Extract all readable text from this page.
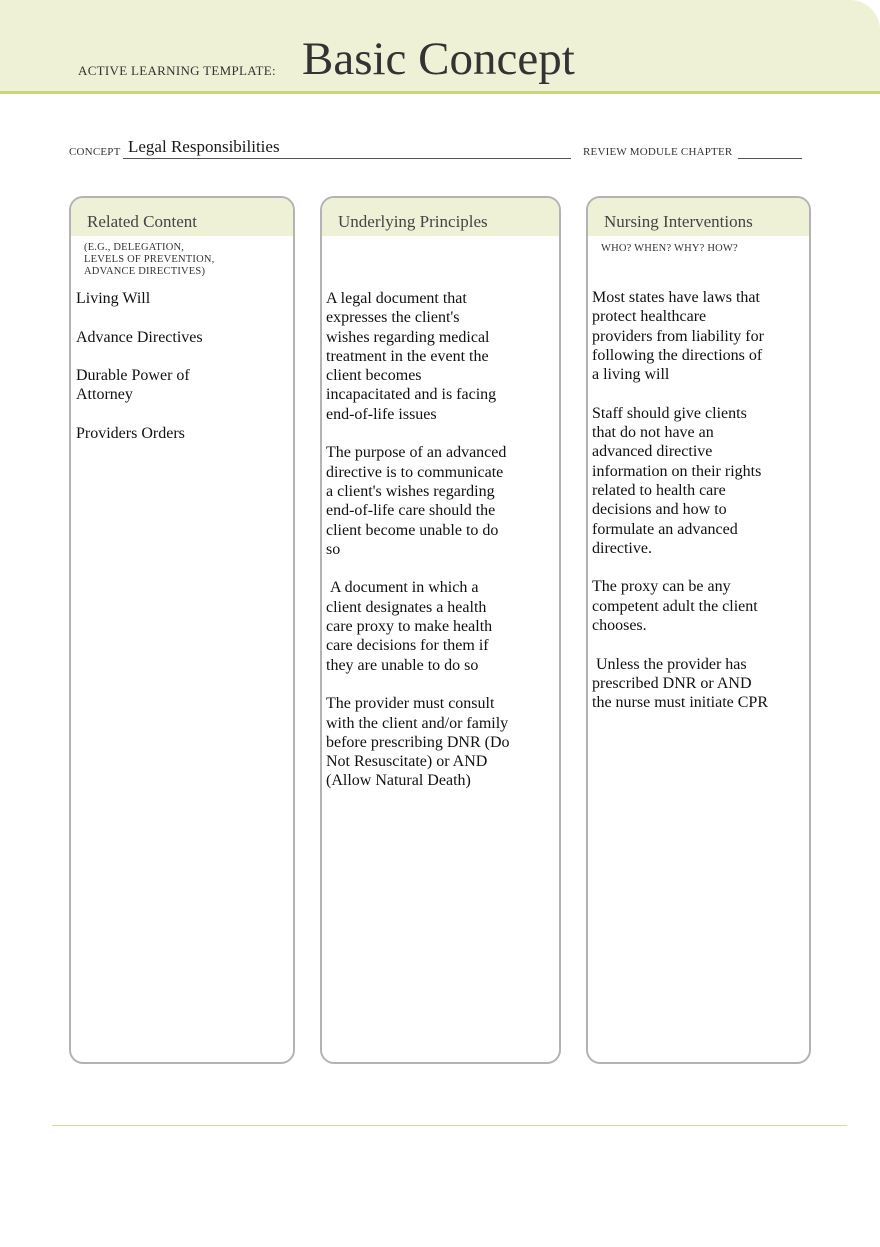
ACTIVE LEARNING TEMPLATE: Basic Concept
CONCEPT Legal Responsibilities	REVIEW MODULE CHAPTER
Related Content
(E.G., DELEGATION,
LEVELS OF PREVENTION,
ADVANCE DIRECTIVES)

Living Will

Advance Directives

Durable Power of
Attorney

Providers Orders

Underlying Principles

A legal document that
expresses the client's
wishes regarding medical
treatment in the event the
client becomes
incapacitated and is facing
end-of-life issues

The purpose of an advanced
directive is to communicate
a client's wishes regarding
end-of-life care should the
client become unable to do
so

A document in which a
client designates a health
care proxy to make health
care decisions for them if
they are unable to do so

The provider must consult
with the client and/or family
before prescribing DNR (Do
Not Resuscitate) or AND
(Allow Natural Death)

Nursing Interventions
WHO? WHEN? WHY? HOW?

Most states have laws that
protect healthcare
providers from liability for
following the directions of
a living will

Staff should give clients
that do not have an
advanced directive
information on their rights
related to health care
decisions and how to
formulate an advanced
directive.

The proxy can be any
competent adult the client
chooses.

Unless the provider has
prescribed DNR or AND
the nurse must initiate CPR
